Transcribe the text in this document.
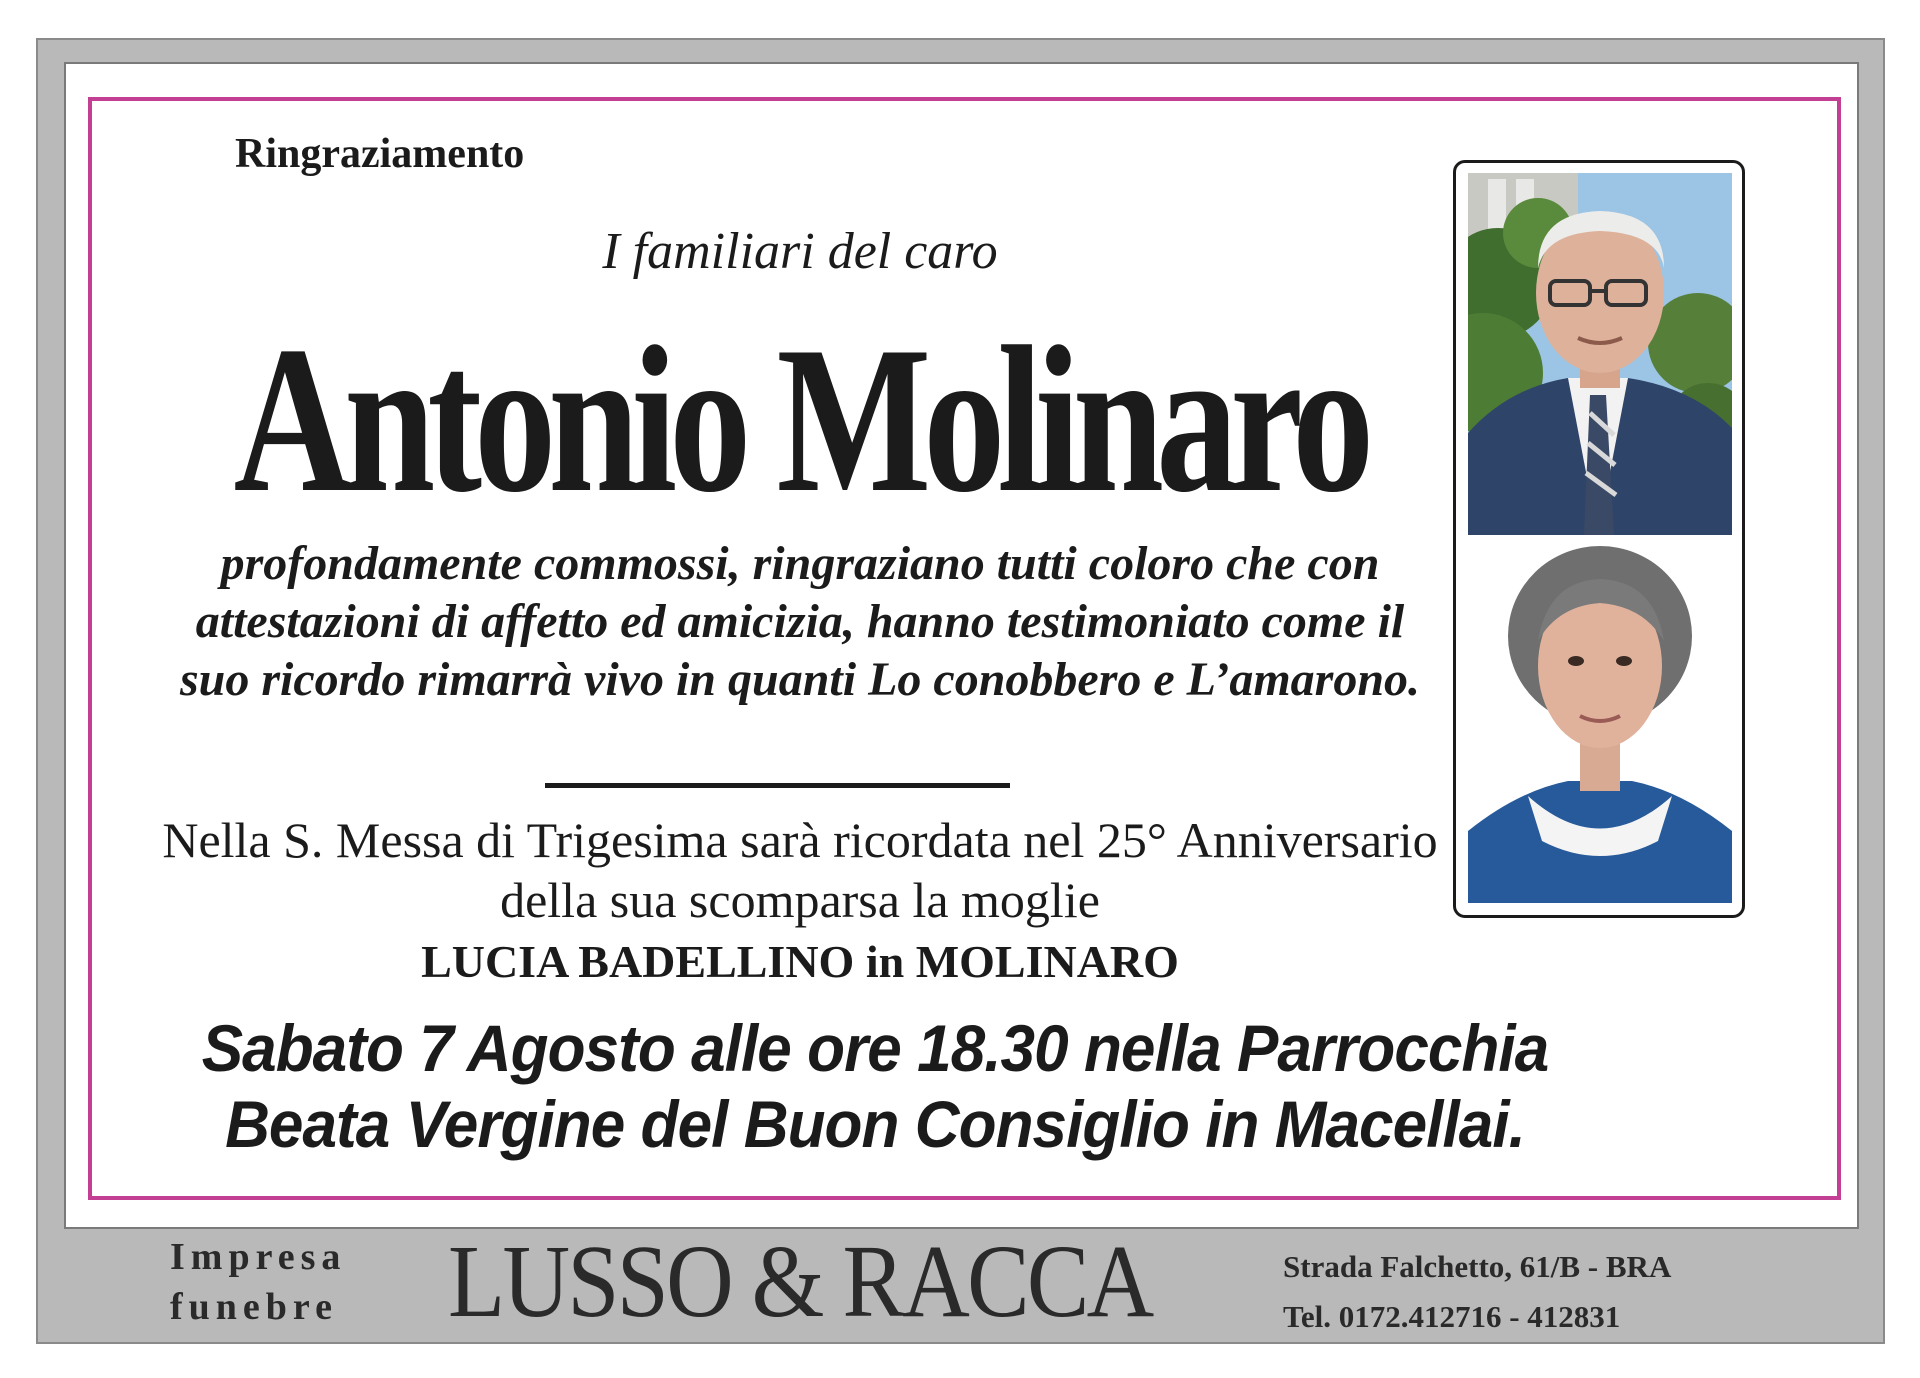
Ringraziamento

I familiari del caro

Antonio Molinaro

profondamente commossi, ringraziano tutti coloro che con attestazioni di affetto ed amicizia, hanno testimoniato come il suo ricordo rimarrà vivo in quanti Lo conobbero e L’amarono.

Nella S. Messa di Trigesima sarà ricordata nel 25° Anniversario della sua scomparsa la moglie

LUCIA BADELLINO in MOLINARO

Sabato 7 Agosto alle ore 18.30 nella Parrocchia Beata Vergine del Buon Consiglio in Macellai.

Impresa funebre	LUSSO & RACCA	Strada Falchetto, 61/B - BRA
Tel. 0172.412716 - 412831
